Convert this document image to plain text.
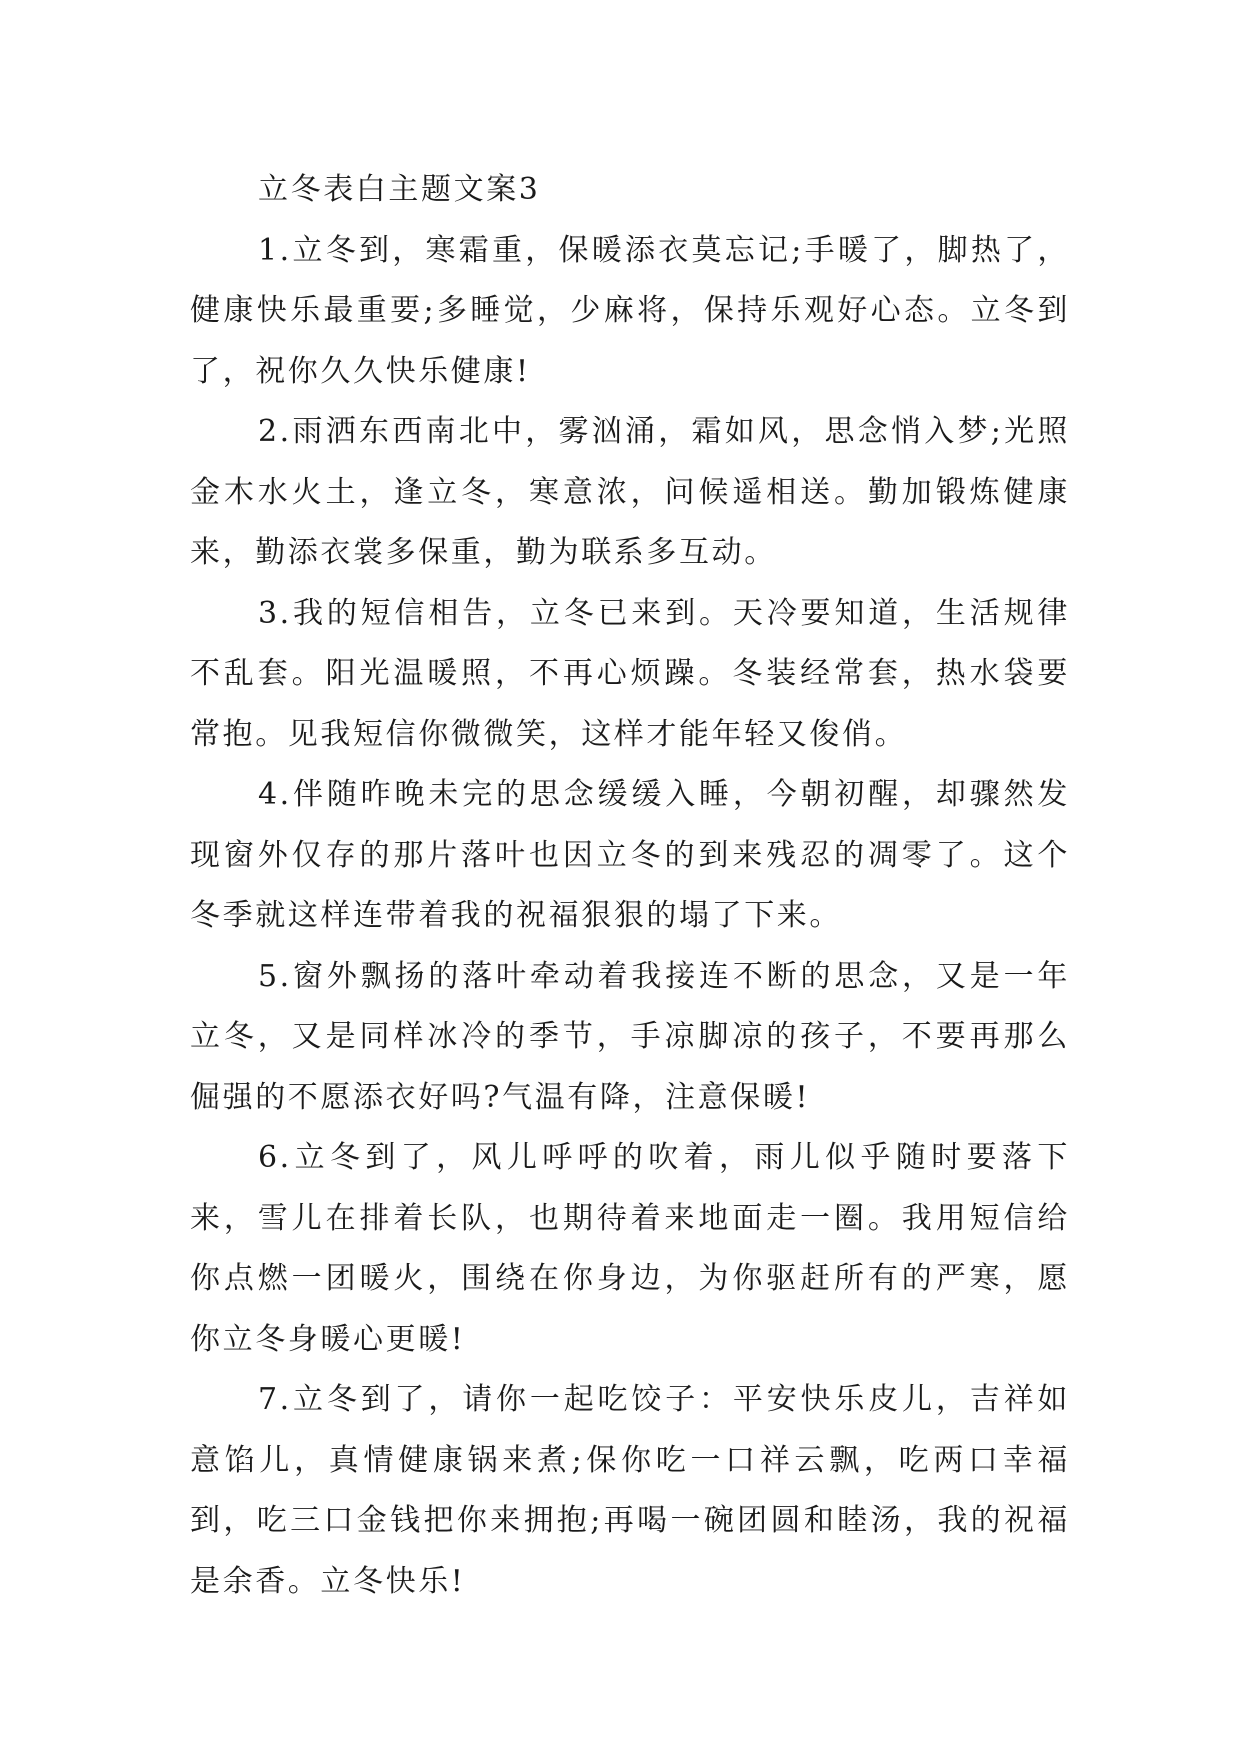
立冬表白主题文案3

1.立冬到，寒霜重，保暖添衣莫忘记;手暖了，脚热了，健康快乐最重要;多睡觉，少麻将，保持乐观好心态。立冬到了，祝你久久快乐健康!

2.雨洒东西南北中，雾汹涌，霜如风，思念悄入梦;光照金木水火土，逢立冬，寒意浓，问候遥相送。勤加锻炼健康来，勤添衣裳多保重，勤为联系多互动。

3.我的短信相告，立冬已来到。天冷要知道，生活规律不乱套。阳光温暖照，不再心烦躁。冬装经常套，热水袋要常抱。见我短信你微微笑，这样才能年轻又俊俏。

4.伴随昨晚未完的思念缓缓入睡，今朝初醒，却骤然发现窗外仅存的那片落叶也因立冬的到来残忍的凋零了。这个冬季就这样连带着我的祝福狠狠的塌了下来。

5.窗外飘扬的落叶牵动着我接连不断的思念，又是一年立冬，又是同样冰冷的季节，手凉脚凉的孩子，不要再那么倔强的不愿添衣好吗?气温有降，注意保暖!

6.立冬到了，风儿呼呼的吹着，雨儿似乎随时要落下来，雪儿在排着长队，也期待着来地面走一圈。我用短信给你点燃一团暖火，围绕在你身边，为你驱赶所有的严寒，愿你立冬身暖心更暖!

7.立冬到了，请你一起吃饺子：平安快乐皮儿，吉祥如意馅儿，真情健康锅来煮;保你吃一口祥云飘，吃两口幸福到，吃三口金钱把你来拥抱;再喝一碗团圆和睦汤，我的祝福是余香。立冬快乐!
